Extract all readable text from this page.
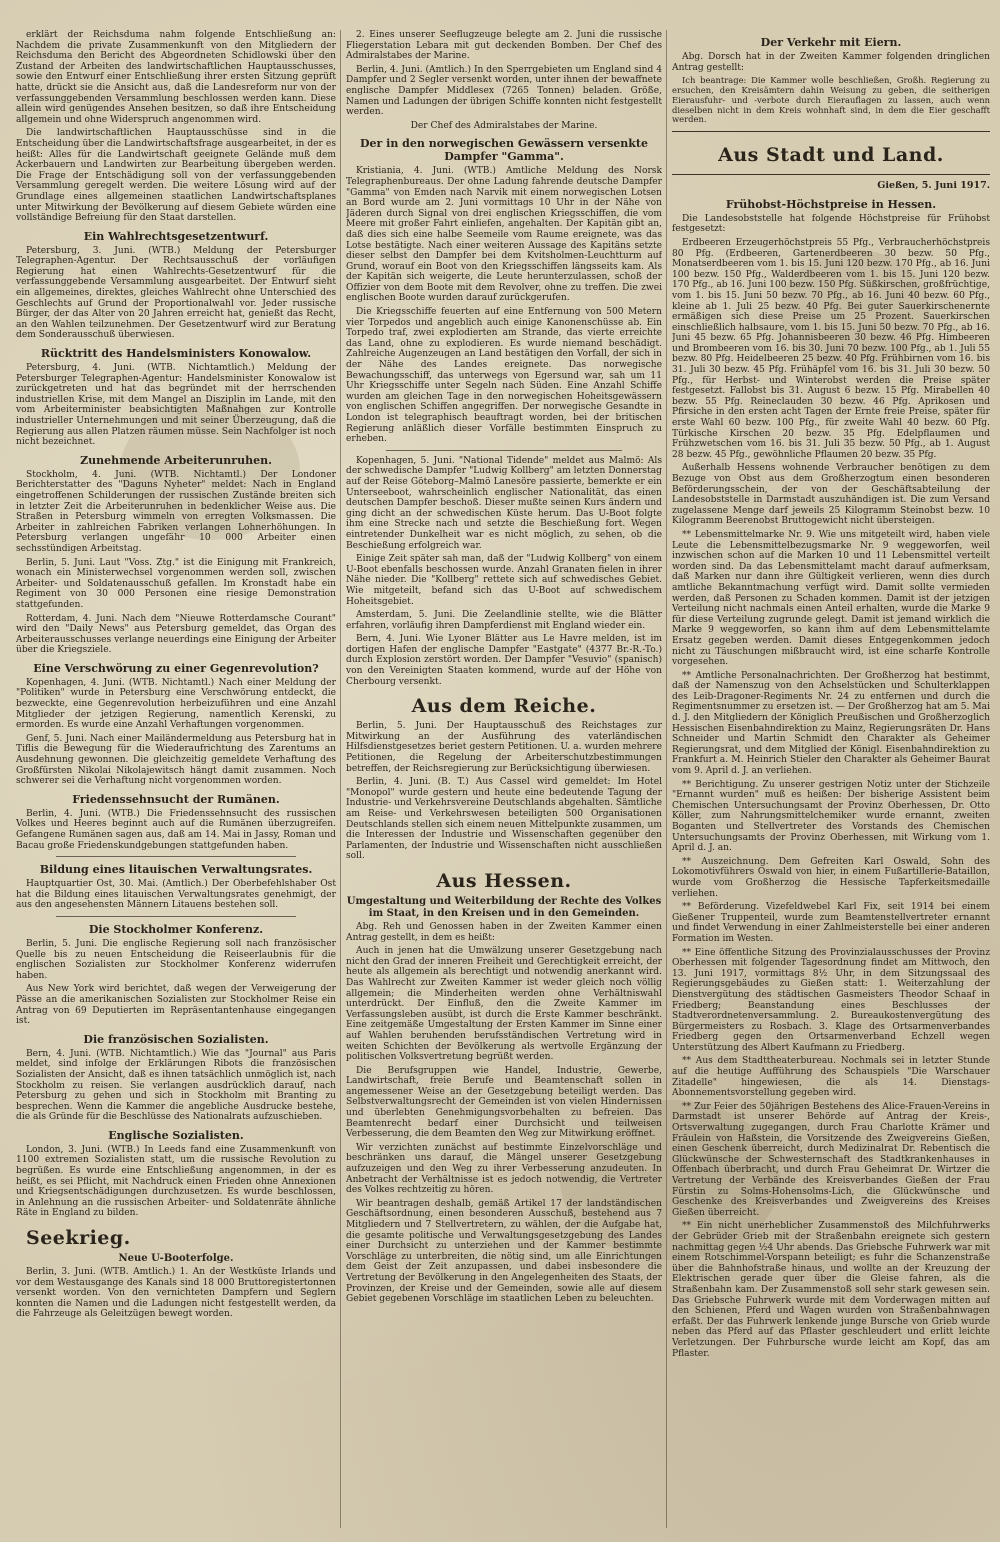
erklärt der Reichsduma nahm folgende Entschließung an: Nachdem die private Zusammenkunft von den Mitgliedern der Reichsduma den Bericht des Abgeordneten Schidlowski über den Zustand der Arbeiten des landwirtschaftlichen Hauptausschusses, sowie den Entwurf einer Entschließung ihrer ersten Sitzung geprüft hatte, drückt sie die Ansicht aus, daß die Landesreform nur von der verfassunggebenden Versammlung beschlossen werden kann. Diese allein wird genügendes Ansehen besitzen, so daß ihre Entscheidung allgemein und ohne Widerspruch angenommen wird.

Die landwirtschaftlichen Hauptausschüsse sind in die Entscheidung über die Landwirtschaftsfrage ausgearbeitet, in der es heißt: Alles für die Landwirtschaft geeignete Gelände muß dem Ackerbauern und Landwirten zur Bearbeitung übergeben werden. Die Frage der Entschädigung soll von der verfassunggebenden Versammlung geregelt werden. Die weitere Lösung wird auf der Grundlage eines allgemeinen staatlichen Landwirtschaftsplanes unter Mitwirkung der Bevölkerung auf diesem Gebiete würden eine vollständige Befreiung für den Staat darstellen.

Ein Wahlrechtsgesetzentwurf.

Petersburg, 3. Juni. (WTB.) Meldung der Petersburger Telegraphen-Agentur. Der Rechtsausschuß der vorläufigen Regierung hat einen Wahlrechts-Gesetzentwurf für die verfassunggebende Versammlung ausgearbeitet. Der Entwurf sieht ein allgemeines, direktes, gleiches Wahlrecht ohne Unterschied des Geschlechts auf Grund der Proportionalwahl vor. Jeder russische Bürger, der das Alter von 20 Jahren erreicht hat, genießt das Recht, an den Wahlen teilzunehmen. Der Gesetzentwurf wird zur Beratung dem Sonderausschuß überwiesen.

Rücktritt des Handelsministers Konowalow.

Petersburg, 4. Juni. (WTB. Nichtamtlich.) Meldung der Petersburger Telegraphen-Agentur: Handelsminister Konowalow ist zurückgetreten und hat das begründet mit der herrschenden industriellen Krise, mit dem Mangel an Disziplin im Lande, mit den vom Arbeiterminister beabsichtigten Maßnahgen zur Kontrolle industrieller Unternehmungen und mit seiner Überzeugung, daß die Regierung aus allen Platzen räumen müsse. Sein Nachfolger ist noch nicht bezeichnet.

Zunehmende Arbeiterunruhen.

Stockholm, 4. Juni. (WTB. Nichtamtl.) Der Londoner Berichterstatter des "Daguns Nyheter" meldet: Nach in England eingetroffenen Schilderungen der russischen Zustände breiten sich in letzter Zeit die Arbeiterunruhen in bedenklicher Weise aus. Die Straßen in Petersburg wimmeln von erregten Volksmassen. Die Arbeiter in zahlreichen Fabriken verlangen Lohnerhöhungen. In Petersburg verlangen ungefähr 10 000 Arbeiter einen sechsstündigen Arbeitstag.

Berlin, 5. Juni. Laut "Voss. Ztg." ist die Einigung mit Frankreich, wonach ein Ministerwechsel vorgenommen werden soll, zwischen Arbeiter- und Soldatenausschuß gefallen. Im Kronstadt habe ein Regiment von 30 000 Personen eine riesige Demonstration stattgefunden.

Rotterdam, 4. Juni. Nach dem "Nieuwe Rotterdamsche Courant" wird den "Daily News" aus Petersburg gemeldet, das Organ des Arbeiterausschusses verlange neuerdings eine Einigung der Arbeiter über die Kriegsziele.

Eine Verschwörung zu einer Gegenrevolution?

Kopenhagen, 4. Juni. (WTB. Nichtamtl.) Nach einer Meldung der "Politiken" wurde in Petersburg eine Verschwörung entdeckt, die bezweckte, eine Gegenrevolution herbeizuführen und eine Anzahl Mitglieder der jetzigen Regierung, namentlich Kerenski, zu ermorden. Es wurde eine Anzahl Verhaftungen vorgenommen.

Genf, 5. Juni. Nach einer Mailändermeldung aus Petersburg hat in Tiflis die Bewegung für die Wiederaufrichtung des Zarentums an Ausdehnung gewonnen. Die gleichzeitig gemeldete Verhaftung des Großfürsten Nikolai Nikolajewitsch hängt damit zusammen. Noch schwerer sei die Verhaftung nicht vorgenommen worden.

Friedenssehnsucht der Rumänen.

Berlin, 4. Juni. (WTB.) Die Friedenssehnsucht des russischen Volkes und Heeres beginnt auch auf die Rumänen überzugreifen. Gefangene Rumänen sagen aus, daß am 14. Mai in Jassy, Roman und Bacau große Friedenskundgebungen stattgefunden haben.

Bildung eines litauischen Verwaltungsrates.

Hauptquartier Ost, 30. Mai. (Amtlich.) Der Oberbefehlshaber Ost hat die Bildung eines litauischen Verwaltungsrates genehmigt, der aus den angesehensten Männern Litauens bestehen soll.

Die Stockholmer Konferenz.

Berlin, 5. Juni. Die englische Regierung soll nach französischer Quelle bis zu neuen Entscheidung die Reiseerlaubnis für die englischen Sozialisten zur Stockholmer Konferenz widerrufen haben.

Aus New York wird berichtet, daß wegen der Verweigerung der Pässe an die amerikanischen Sozialisten zur Stockholmer Reise ein Antrag von 69 Deputierten im Repräsentantenhause eingegangen ist.

Die französischen Sozialisten.

Bern, 4. Juni. (WTB. Nichtamtlich.) Wie das "Journal" aus Paris meldet, sind infolge der Erklärungen Ribots die französischen Sozialisten der Ansicht, daß es ihnen tatsächlich unmöglich ist, nach Stockholm zu reisen. Sie verlangen ausdrücklich darauf, nach Petersburg zu gehen und sich in Stockholm mit Branting zu besprechen. Wenn die Kammer die angebliche Ausdrucke bestehe, die als Gründe für die Beschlüsse des Nationalrats aufzuschieben.

Englische Sozialisten.

London, 3. Juni. (WTB.) In Leeds fand eine Zusammenkunft von 1100 extremen Sozialisten statt, um die russische Revolution zu begrüßen. Es wurde eine Entschließung angenommen, in der es heißt, es sei Pflicht, mit Nachdruck einen Frieden ohne Annexionen und Kriegsentschädigungen durchzusetzen. Es wurde beschlossen, in Anlehnung an die russischen Arbeiter- und Soldatenräte ähnliche Räte in England zu bilden.

Seekrieg.
Neue U-Booterfolge.

Berlin, 3. Juni. (WTB. Amtlich.) 1. An der Westküste Irlands und vor dem Westausgange des Kanals sind 18 000 Bruttoregistertonnen versenkt worden. Von den vernichteten Dampfern und Seglern konnten die Namen und die Ladungen nicht festgestellt werden, da die Fahrzeuge als Geleitzügen bewegt worden.

2. Eines unserer Seeflugzeuge belegte am 2. Juni die russische Fliegerstation Lebara mit gut deckenden Bomben. Der Chef des Admiralstabes der Marine.

Berlin, 4. Juni. (Amtlich.) In den Sperrgebieten um England sind 4 Dampfer und 2 Segler versenkt worden, unter ihnen der bewaffnete englische Dampfer Middlesex (7265 Tonnen) beladen. Größe, Namen und Ladungen der übrigen Schiffe konnten nicht festgestellt werden.

Der Chef des Admiralstabes der Marine.

Der in den norwegischen Gewässern versenkte Dampfer "Gamma".

Kristiania, 4. Juni. (WTB.) Amtliche Meldung des Norsk Telegraphenbureaus. Der ohne Ladung fahrende deutsche Dampfer "Gamma" von Emden nach Narvik mit einem norwegischen Lotsen an Bord wurde am 2. Juni vormittags 10 Uhr in der Nähe von Jäderen durch Signal von drei englischen Kriegsschiffen, die vom Meere mit großer Fahrt einliefen, angehalten. Der Kapitän gibt an, daß dies sich eine halbe Seemeile vom Raume ereignete, was das Lotse bestätigte. Nach einer weiteren Aussage des Kapitäns setzte dieser selbst den Dampfer bei dem Kvitsholmen-Leuchtturm auf Grund, worauf ein Boot von den Kriegsschiffen längsseits kam. Als der Kapitän sich weigerte, die Leute herunterzulassen, schoß der Offizier von dem Boote mit dem Revolver, ohne zu treffen. Die zwei englischen Boote wurden darauf zurückgerufen.

Die Kriegsschiffe feuerten auf eine Entfernung von 500 Metern vier Torpedos und angeblich auch einige Kanonenschüsse ab. Ein Torpedo traf, zwei explodierten am Strande, das vierte erreichte das Land, ohne zu explodieren. Es wurde niemand beschädigt. Zahlreiche Augenzeugen an Land bestätigen den Vorfall, der sich in der Nähe des Landes ereignete. Das norwegische Bewachungsschiff, das unterwegs von Egersund war, sah um 11 Uhr Kriegsschiffe unter Segeln nach Süden. Eine Anzahl Schiffe wurden am gleichen Tage in den norwegischen Hoheitsgewässern von englischen Schiffen angegriffen. Der norwegische Gesandte in London ist telegraphisch beauftragt worden, bei der britischen Regierung anläßlich dieser Vorfälle bestimmten Einspruch zu erheben.

Kopenhagen, 5. Juni. "National Tidende" meldet aus Malmö: Als der schwedische Dampfer "Ludwig Kollberg" am letzten Donnerstag auf der Reise Göteborg–Malmö Lanesöre passierte, bemerkte er ein Unterseeboot, wahrscheinlich englischer Nationalität, das einen deutschen Dampfer beschoß. Dieser mußte seinen Kurs ändern und ging dicht an der schwedischen Küste herum. Das U-Boot folgte ihm eine Strecke nach und setzte die Beschießung fort. Wegen eintretender Dunkelheit war es nicht möglich, zu sehen, ob die Beschießung erfolgreich war.

Einige Zeit später sah man, daß der "Ludwig Kollberg" von einem U-Boot ebenfalls beschossen wurde. Anzahl Granaten fielen in ihrer Nähe nieder. Die "Kollberg" rettete sich auf schwedisches Gebiet. Wie mitgeteilt, befand sich das U-Boot auf schwedischem Hoheitsgebiet.

Amsterdam, 5. Juni. Die Zeelandlinie stellte, wie die Blätter erfahren, vorläufig ihren Dampferdienst mit England wieder ein.

Bern, 4. Juni. Wie Lyoner Blätter aus Le Havre melden, ist im dortigen Hafen der englische Dampfer "Eastgate" (4377 Br.-R.-To.) durch Explosion zerstört worden. Der Dampfer "Vesuvio" (spanisch) von den Vereinigten Staaten kommend, wurde auf der Höhe von Cherbourg versenkt.

Aus dem Reiche.

Berlin, 5. Juni. Der Hauptausschuß des Reichstages zur Mitwirkung an der Ausführung des vaterländischen Hilfsdienstgesetzes beriet gestern Petitionen. U. a. wurden mehrere Petitionen, die Regelung der Arbeiterschutzbestimmungen betreffen, der Reichsregierung zur Berücksichtigung überwiesen.

Berlin, 4. Juni. (B. T.) Aus Cassel wird gemeldet: Im Hotel "Monopol" wurde gestern und heute eine bedeutende Tagung der Industrie- und Verkehrsvereine Deutschlands abgehalten. Sämtliche am Reise- und Verkehrswesen beteiligten 500 Organisationen Deutschlands stellen sich einem neuen Mittelpunkte zusammen, um die Interessen der Industrie und Wissenschaften gegenüber den Parlamenten, der Industrie und Wissenschaften nicht ausschließen soll.

Aus Hessen.
Umgestaltung und Weiterbildung der Rechte des Volkes im Staat, in den Kreisen und in den Gemeinden.

Abg. Reh und Genossen haben in der Zweiten Kammer einen Antrag gestellt, in dem es heißt:

Auch in jenen hat die Umwälzung unserer Gesetzgebung nach nicht den Grad der inneren Freiheit und Gerechtigkeit erreicht, der heute als allgemein als berechtigt und notwendig anerkannt wird. Das Wahlrecht zur Zweiten Kammer ist weder gleich noch völlig allgemein; die Minderheiten werden ohne Verhältniswahl unterdrückt. Der Einfluß, den die Zweite Kammer im Verfassungsleben ausübt, ist durch die Erste Kammer beschränkt. Eine zeitgemäße Umgestaltung der Ersten Kammer im Sinne einer auf Wahlen beruhenden berufsständischen Vertretung wird in weiten Schichten der Bevölkerung als wertvolle Ergänzung der politischen Volksvertretung begrüßt werden.

Die Berufsgruppen wie Handel, Industrie, Gewerbe, Landwirtschaft, freie Berufe und Beamtenschaft sollen in angemessener Weise an der Gesetzgebung beteiligt werden. Das Selbstverwaltungsrecht der Gemeinden ist von vielen Hindernissen und überlebten Genehmigungsvorbehalten zu befreien. Das Beamtenrecht bedarf einer Durchsicht und teilweisen Verbesserung, die dem Beamten den Weg zur Mitwirkung eröffnet.

Wir verzichten zunächst auf bestimmte Einzelvorschläge und beschränken uns darauf, die Mängel unserer Gesetzgebung aufzuzeigen und den Weg zu ihrer Verbesserung anzudeuten. In Anbetracht der Verhältnisse ist es jedoch notwendig, die Vertreter des Volkes rechtzeitig zu hören.

Wir beantragen deshalb, gemäß Artikel 17 der landständischen Geschäftsordnung, einen besonderen Ausschuß, bestehend aus 7 Mitgliedern und 7 Stellvertretern, zu wählen, der die Aufgabe hat, die gesamte politische und Verwaltungsgesetzgebung des Landes einer Durchsicht zu unterziehen und der Kammer bestimmte Vorschläge zu unterbreiten, die nötig sind, um alle Einrichtungen dem Geist der Zeit anzupassen, und dabei insbesondere die Vertretung der Bevölkerung in den Angelegenheiten des Staats, der Provinzen, der Kreise und der Gemeinden, sowie alle auf diesem Gebiet gegebenen Vorschläge im staatlichen Leben zu beleuchten.

Der Verkehr mit Eiern.

Abg. Dorsch hat in der Zweiten Kammer folgenden dringlichen Antrag gestellt:

Ich beantrage: Die Kammer wolle beschließen, Großh. Regierung zu ersuchen, den Kreisämtern dahin Weisung zu geben, die seitherigen Eierausfuhr- und -verbote durch Eierauflagen zu lassen, auch wenn dieselben nicht in dem Kreis wohnhaft sind, in dem die Eier geschafft werden.

Aus Stadt und Land.

Gießen, 5. Juni 1917.

Frühobst-Höchstpreise in Hessen.

Die Landesobststelle hat folgende Höchstpreise für Frühobst festgesetzt:

Erdbeeren Erzeugerhöchstpreis 55 Pfg., Verbraucherhöchstpreis 80 Pfg. (Erdbeeren, Gartenerdbeeren 30 bezw. 50 Pfg., Monatserdbeeren vom 1. bis 15. Juni 120 bezw. 170 Pfg., ab 16. Juni 100 bezw. 150 Pfg., Walderdbeeren vom 1. bis 15. Juni 120 bezw. 170 Pfg., ab 16. Juni 100 bezw. 150 Pfg. Süßkirschen, großfrüchtige, vom 1. bis 15. Juni 50 bezw. 70 Pfg., ab 16. Juni 40 bezw. 60 Pfg., kleine ab 1. Juli 25 bezw. 40 Pfg. Bei guter Sauerkirschenernte ermäßigen sich diese Preise um 25 Prozent. Sauerkirschen einschließlich halbsaure, vom 1. bis 15. Juni 50 bezw. 70 Pfg., ab 16. Juni 45 bezw. 65 Pfg. Johannisbeeren 30 bezw. 46 Pfg. Himbeeren und Brombeeren vom 16. bis 30. Juni 70 bezw. 100 Pfg., ab 1. Juli 55 bezw. 80 Pfg. Heidelbeeren 25 bezw. 40 Pfg. Frühbirnen vom 16. bis 31. Juli 30 bezw. 45 Pfg. Frühäpfel vom 16. bis 31. Juli 30 bezw. 50 Pfg., für Herbst- und Winterobst werden die Preise später festgesetzt. Fallobst bis 31. August 6 bezw. 15 Pfg. Mirabellen 40 bezw. 55 Pfg. Reineclauden 30 bezw. 46 Pfg. Aprikosen und Pfirsiche in den ersten acht Tagen der Ernte freie Preise, später für erste Wahl 60 bezw. 100 Pfg., für zweite Wahl 40 bezw. 60 Pfg. Türkische Kirschen 20 bezw. 35 Pfg. Edelpflaumen und Frühzwetschen vom 16. bis 31. Juli 35 bezw. 50 Pfg., ab 1. August 28 bezw. 45 Pfg., gewöhnliche Pflaumen 20 bezw. 35 Pfg.

Außerhalb Hessens wohnende Verbraucher benötigen zu dem Bezuge von Obst aus dem Großherzogtum einen besonderen Beförderungsschein, der von der Geschäftsabteilung der Landesobststelle in Darmstadt auszuhändigen ist. Die zum Versand zugelassene Menge darf jeweils 25 Kilogramm Steinobst bezw. 10 Kilogramm Beerenobst Bruttogewicht nicht übersteigen.

** Lebensmittelmarke Nr. 9. Wie uns mitgeteilt wird, haben viele Leute die Lebensmittelbezugsmarke Nr. 9 weggeworfen, weil inzwischen schon auf die Marken 10 und 11 Lebensmittel verteilt worden sind. Da das Lebensmittelamt macht darauf aufmerksam, daß Marken nur dann ihre Gültigkeit verlieren, wenn dies durch amtliche Bekanntmachung verfügt wird. Damit sollte vermieden werden, daß Personen zu Schaden kommen. Damit ist der jetzigen Verteilung nicht nachmals einen Anteil erhalten, wurde die Marke 9 für diese Verteilung zugrunde gelegt. Damit ist jemand wirklich die Marke 9 weggeworfen, so kann ihm auf dem Lebensmittelamte Ersatz gegeben werden. Damit dieses Entgegenkommen jedoch nicht zu Täuschungen mißbraucht wird, ist eine scharfe Kontrolle vorgesehen.

** Amtliche Personalnachrichten. Der Großherzog hat bestimmt, daß der Namenszug von den Achselstücken und Schulterklappen des Leib-Dragoner-Regiments Nr. 24 zu entfernen und durch die Regimentsnummer zu ersetzen ist. — Der Großherzog hat am 5. Mai d. J. den Mitgliedern der Königlich Preußischen und Großherzoglich Hessischen Eisenbahndirektion zu Mainz, Regierungsräten Dr. Hans Schneider und Martin Schmidt den Charakter als Geheimer Regierungsrat, und dem Mitglied der Königl. Eisenbahndirektion zu Frankfurt a. M. Heinrich Stieler den Charakter als Geheimer Baurat vom 9. April d. J. an verliehen.

** Berichtigung. Zu unserer gestrigen Notiz unter der Stichzeile "Ernannt wurden" muß es heißen: Der bisherige Assistent beim Chemischen Untersuchungsamt der Provinz Oberhessen, Dr. Otto Köller, zum Nahrungsmittelchemiker wurde ernannt, zweiten Boganten und Stellvertreter des Vorstands des Chemischen Untersuchungsamts der Provinz Oberhessen, mit Wirkung vom 1. April d. J. an.

** Auszeichnung. Dem Gefreiten Karl Oswald, Sohn des Lokomotivführers Oswald von hier, in einem Fußartillerie-Bataillon, wurde vom Großherzog die Hessische Tapferkeitsmedaille verliehen.

** Beförderung. Vizefeldwebel Karl Fix, seit 1914 bei einem Gießener Truppenteil, wurde zum Beamtenstellvertreter ernannt und findet Verwendung in einer Zahlmeisterstelle bei einer anderen Formation im Westen.

** Eine öffentliche Sitzung des Provinzialausschusses der Provinz Oberhessen mit folgender Tagesordnung findet am Mittwoch, den 13. Juni 1917, vormittags 8½ Uhr, in dem Sitzungssaal des Regierungsgebäudes zu Gießen statt: 1. Weiterzahlung der Dienstvergütung des städtischen Gasmeisters Theodor Schaaf in Friedberg; Beanstandung eines Beschlusses der Stadtverordnetenversammlung. 2. Bureaukostenvergütung des Bürgermeisters zu Rosbach. 3. Klage des Ortsarmenverbandes Friedberg gegen den Ortsarmenverband Echzell wegen Unterstützung des Albert Kaufmann zu Friedberg.

** Aus dem Stadttheaterbureau. Nochmals sei in letzter Stunde auf die heutige Aufführung des Schauspiels "Die Warschauer Zitadelle" hingewiesen, die als 14. Dienstags-Abonnementsvorstellung gegeben wird.

** Zur Feier des 50jährigen Bestehens des Alice-Frauen-Vereins in Darmstadt ist unserer Behörde auf Antrag der Kreis-, Ortsverwaltung zugegangen, durch Frau Charlotte Krämer und Fräulein von Haßstein, die Vorsitzende des Zweigvereins Gießen, einen Geschenk überreicht, durch Medizinalrat Dr. Rebentisch die Glückwünsche der Schwesternschaft des Stadtkrankenhauses in Offenbach überbracht, und durch Frau Geheimrat Dr. Wirtzer die Vertretung der Verbände des Kreisverbandes Gießen der Frau Fürstin zu Solms-Hohensolms-Lich, die Glückwünsche und Geschenke des Kreisverbandes und Zweigvereins des Kreises Gießen überreicht.

** Ein nicht unerheblicher Zusammenstoß des Milchfuhrwerks der Gebrüder Grieb mit der Straßenbahn ereignete sich gestern nachmittag gegen ½4 Uhr abends. Das Griebsche Fuhrwerk war mit einem Rotschimmel-Vorspann beteiligt; es fuhr die Schanzenstraße über die Bahnhofstraße hinaus, und wollte an der Kreuzung der Elektrischen gerade quer über die Gleise fahren, als die Straßenbahn kam. Der Zusammenstoß soll sehr stark gewesen sein. Das Griebsche Fuhrwerk wurde mit dem Vorderwagen mitten auf den Schienen, Pferd und Wagen wurden von Straßenbahnwagen erfaßt. Der das Fuhrwerk lenkende junge Bursche von Grieb wurde neben das Pferd auf das Pflaster geschleudert und erlitt leichte Verletzungen. Der Fuhrbursche wurde leicht am Kopf, das am Pflaster.
